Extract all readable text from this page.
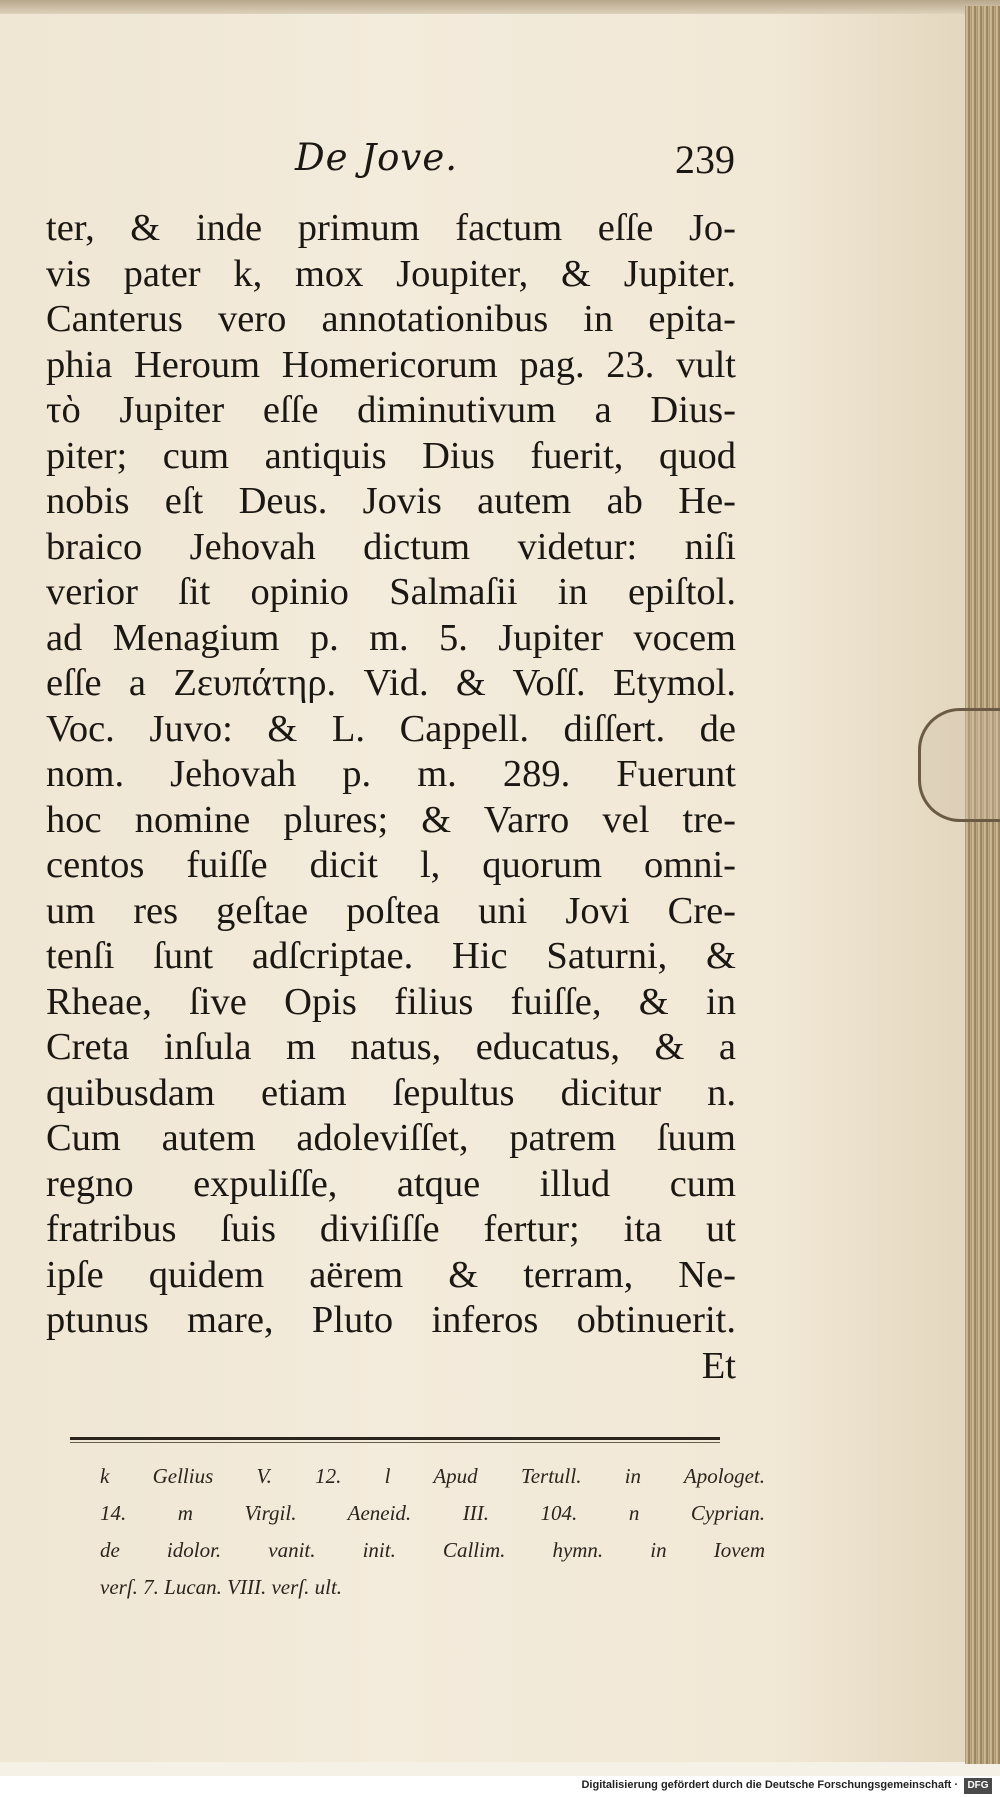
De Jove.	239
ter, & inde primum factum eſſe Jo-
vis pater k, mox Joupiter, & Jupiter.
Canterus vero annotationibus in epita-
phia Heroum Homericorum pag. 23. vult
τὸ Jupiter eſſe diminutivum a Dius-
piter; cum antiquis Dius fuerit, quod
nobis eſt Deus. Jovis autem ab He-
braico Jehovah dictum videtur: niſi
verior ſit opinio Salmaſii in epiſtol.
ad Menagium p. m. 5. Jupiter vocem
eſſe a Ζευπάτηρ. Vid. & Voſſ. Etymol.
Voc. Juvo: & L. Cappell. diſſert. de
nom. Jehovah p. m. 289. Fuerunt
hoc nomine plures; & Varro vel tre-
centos fuiſſe dicit l, quorum omni-
um res geſtae poſtea uni Jovi Cre-
tenſi ſunt adſcriptae. Hic Saturni, &
Rheae, ſive Opis filius fuiſſe, & in
Creta inſula m natus, educatus, & a
quibusdam etiam ſepultus dicitur n.
Cum autem adoleviſſet, patrem ſuum
regno expuliſſe, atque illud cum
fratribus ſuis diviſiſſe fertur; ita ut
ipſe quidem aërem & terram, Ne-
ptunus mare, Pluto inferos obtinuerit.
Et
k Gellius V. 12. l Apud Tertull. in Apologet.
14. m Virgil. Aeneid. III. 104. n Cyprian.
de idolor. vanit. init. Callim. hymn. in Iovem
verſ. 7. Lucan. VIII. verſ. ult.
Digitalisierung gefördert durch die Deutsche Forschungsgemeinschaft · DFG
